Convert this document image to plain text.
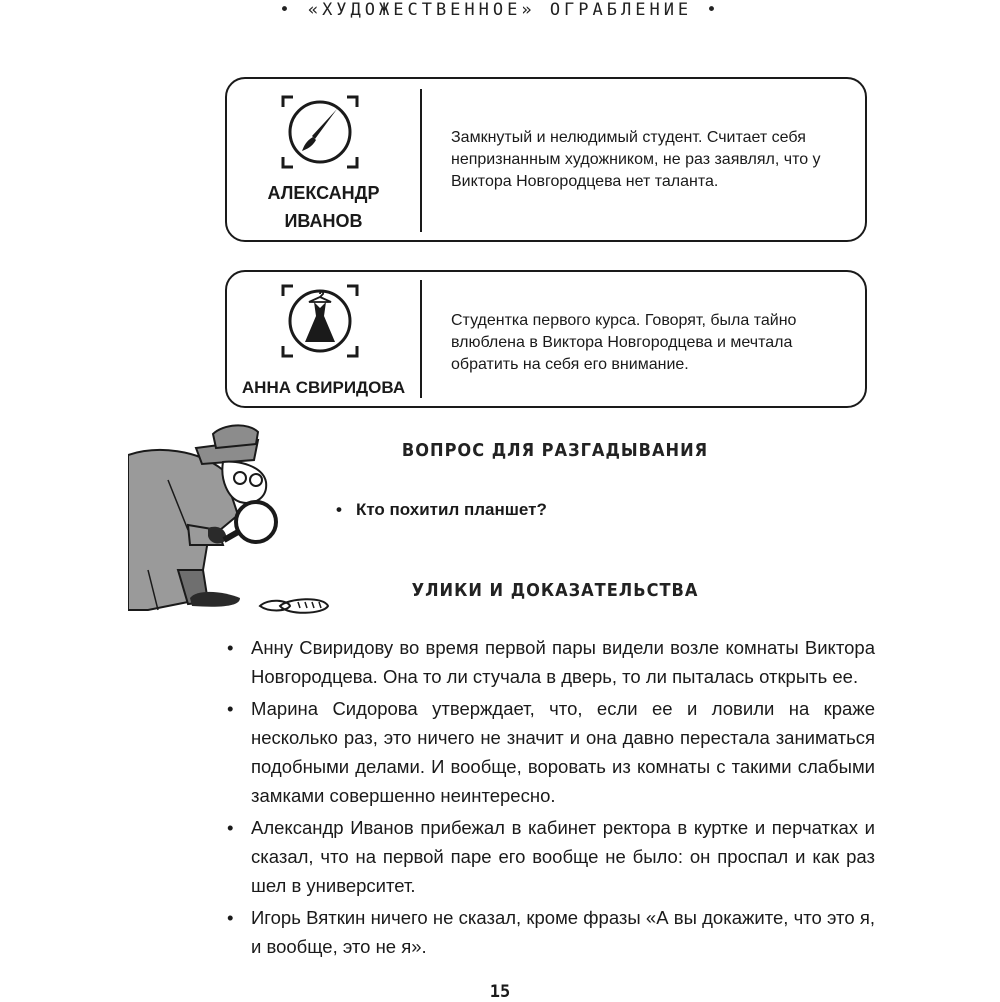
• «ХУДОЖЕСТВЕННОЕ» ОГРАБЛЕНИЕ •
АЛЕКСАНДР
ИВАНОВ
Замкнутый и нелюдимый студент. Считает себя непризнанным художником, не раз заявлял, что у Виктора Новгородцева нет таланта.
АННА СВИРИДОВА
Студентка первого курса. Говорят, была тайно влюблена в Виктора Новгородцева и мечтала обратить на себя его внимание.
ВОПРОС ДЛЯ РАЗГАДЫВАНИЯ
• Кто похитил планшет?
УЛИКИ И ДОКАЗАТЕЛЬСТВА
• Анну Свиридову во время первой пары видели возле комнаты Виктора Новгородцева. Она то ли стучала в дверь, то ли пыталась открыть ее.
• Марина Сидорова утверждает, что, если ее и ловили на краже несколько раз, это ничего не значит и она давно перестала заниматься подобными делами. И вообще, воровать из комнаты с такими слабыми замками совершенно неинтересно.
• Александр Иванов прибежал в кабинет ректора в куртке и перчатках и сказал, что на первой паре его вообще не было: он проспал и как раз шел в университет.
• Игорь Вяткин ничего не сказал, кроме фразы «А вы докажите, что это я, и вообще, это не я».
15
